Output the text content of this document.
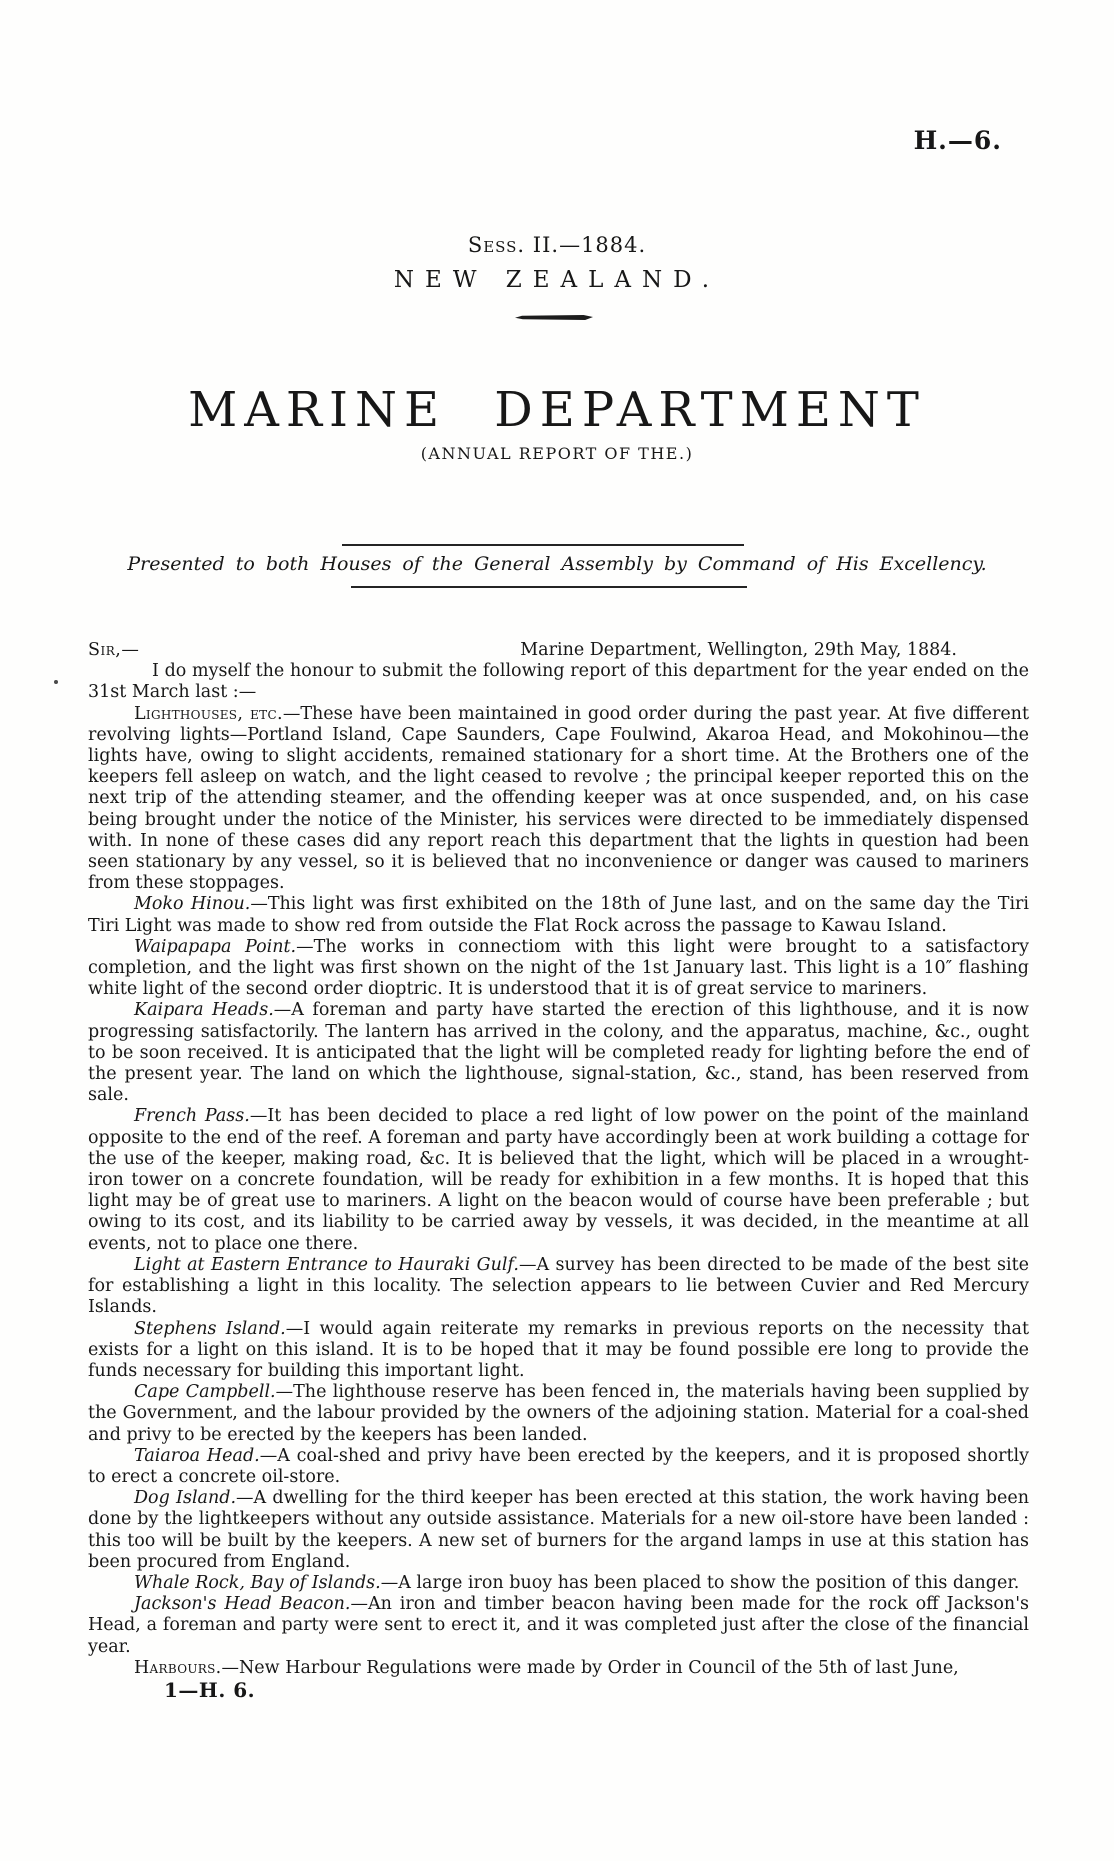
H.—6.
Sess. II.—1884.
NEW ZEALAND.
MARINE DEPARTMENT
(ANNUAL REPORT OF THE.)
Presented to both Houses of the General Assembly by Command of His Excellency.
Sir,—	Marine Department, Wellington, 29th May, 1884.

I do myself the honour to submit the following report of this department for the year ended on the 31st March last :—

Lighthouses, etc.—These have been maintained in good order during the past year. At five different revolving lights—Portland Island, Cape Saunders, Cape Foulwind, Akaroa Head, and Mokohinou—the lights have, owing to slight accidents, remained stationary for a short time. At the Brothers one of the keepers fell asleep on watch, and the light ceased to revolve ; the principal keeper reported this on the next trip of the attending steamer, and the offending keeper was at once suspended, and, on his case being brought under the notice of the Minister, his services were directed to be immediately dispensed with. In none of these cases did any report reach this department that the lights in question had been seen stationary by any vessel, so it is believed that no inconvenience or danger was caused to mariners from these stoppages.

Moko Hinou.—This light was first exhibited on the 18th of June last, and on the same day the Tiri Tiri Light was made to show red from outside the Flat Rock across the passage to Kawau Island.

Waipapapa Point.—The works in connectiom with this light were brought to a satisfactory completion, and the light was first shown on the night of the 1st January last. This light is a 10″ flashing white light of the second order dioptric. It is understood that it is of great service to mariners.

Kaipara Heads.—A foreman and party have started the erection of this lighthouse, and it is now progressing satisfactorily. The lantern has arrived in the colony, and the apparatus, machine, &c., ought to be soon received. It is anticipated that the light will be completed ready for lighting before the end of the present year. The land on which the lighthouse, signal-station, &c., stand, has been reserved from sale.

French Pass.—It has been decided to place a red light of low power on the point of the mainland opposite to the end of the reef. A foreman and party have accordingly been at work building a cottage for the use of the keeper, making road, &c. It is believed that the light, which will be placed in a wrought-iron tower on a concrete foundation, will be ready for exhibition in a few months. It is hoped that this light may be of great use to mariners. A light on the beacon would of course have been preferable ; but owing to its cost, and its liability to be carried away by vessels, it was decided, in the meantime at all events, not to place one there.

Light at Eastern Entrance to Hauraki Gulf.—A survey has been directed to be made of the best site for establishing a light in this locality. The selection appears to lie between Cuvier and Red Mercury Islands.

Stephens Island.—I would again reiterate my remarks in previous reports on the necessity that exists for a light on this island. It is to be hoped that it may be found possible ere long to provide the funds necessary for building this important light.

Cape Campbell.—The lighthouse reserve has been fenced in, the materials having been supplied by the Government, and the labour provided by the owners of the adjoining station. Material for a coal-shed and privy to be erected by the keepers has been landed.

Taiaroa Head.—A coal-shed and privy have been erected by the keepers, and it is proposed shortly to erect a concrete oil-store.

Dog Island.—A dwelling for the third keeper has been erected at this station, the work having been done by the lightkeepers without any outside assistance. Materials for a new oil-store have been landed : this too will be built by the keepers. A new set of burners for the argand lamps in use at this station has been procured from England.

Whale Rock, Bay of Islands.—A large iron buoy has been placed to show the position of this danger.

Jackson's Head Beacon.—An iron and timber beacon having been made for the rock off Jackson's Head, a foreman and party were sent to erect it, and it was completed just after the close of the financial year.

Harbours.—New Harbour Regulations were made by Order in Council of the 5th of last June,

1—H. 6.
